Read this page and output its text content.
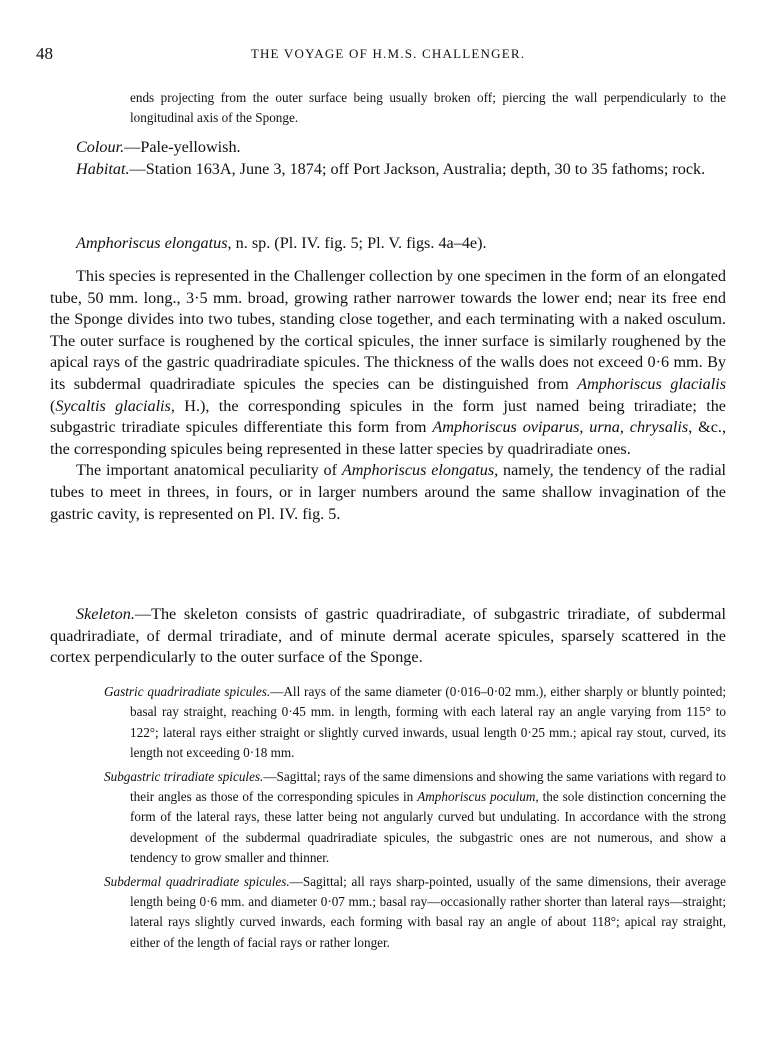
48	THE VOYAGE OF H.M.S. CHALLENGER.

ends projecting from the outer surface being usually broken off; piercing the wall perpendicularly to the longitudinal axis of the Sponge.

Colour.—Pale-yellowish.

Habitat.—Station 163A, June 3, 1874; off Port Jackson, Australia; depth, 30 to 35 fathoms; rock.

Amphoriscus elongatus, n. sp. (Pl. IV. fig. 5; Pl. V. figs. 4a–4e).

This species is represented in the Challenger collection by one specimen in the form of an elongated tube, 50 mm. long., 3·5 mm. broad, growing rather narrower towards the lower end; near its free end the Sponge divides into two tubes, standing close together, and each terminating with a naked osculum. The outer surface is roughened by the cortical spicules, the inner surface is similarly roughened by the apical rays of the gastric quadriradiate spicules. The thickness of the walls does not exceed 0·6 mm. By its subdermal quadriradiate spicules the species can be distinguished from Amphoriscus glacialis (Sycaltis glacialis, H.), the corresponding spicules in the form just named being triradiate; the subgastric triradiate spicules differentiate this form from Amphoriscus oviparus, urna, chrysalis, &c., the corresponding spicules being represented in these latter species by quadriradiate ones.

The important anatomical peculiarity of Amphoriscus elongatus, namely, the tendency of the radial tubes to meet in threes, in fours, or in larger numbers around the same shallow invagination of the gastric cavity, is represented on Pl. IV. fig. 5.

Skeleton.—The skeleton consists of gastric quadriradiate, of subgastric triradiate, of subdermal quadriradiate, of dermal triradiate, and of minute dermal acerate spicules, sparsely scattered in the cortex perpendicularly to the outer surface of the Sponge.

Gastric quadriradiate spicules.—All rays of the same diameter (0·016–0·02 mm.), either sharply or bluntly pointed; basal ray straight, reaching 0·45 mm. in length, forming with each lateral ray an angle varying from 115° to 122°; lateral rays either straight or slightly curved inwards, usual length 0·25 mm.; apical ray stout, curved, its length not exceeding 0·18 mm.

Subgastric triradiate spicules.—Sagittal; rays of the same dimensions and showing the same variations with regard to their angles as those of the corresponding spicules in Amphoriscus poculum, the sole distinction concerning the form of the lateral rays, these latter being not angularly curved but undulating. In accordance with the strong development of the subdermal quadriradiate spicules, the subgastric ones are not numerous, and show a tendency to grow smaller and thinner.

Subdermal quadriradiate spicules.—Sagittal; all rays sharp-pointed, usually of the same dimensions, their average length being 0·6 mm. and diameter 0·07 mm.; basal ray—occasionally rather shorter than lateral rays—straight; lateral rays slightly curved inwards, each forming with basal ray an angle of about 118°; apical ray straight, either of the length of facial rays or rather longer.
